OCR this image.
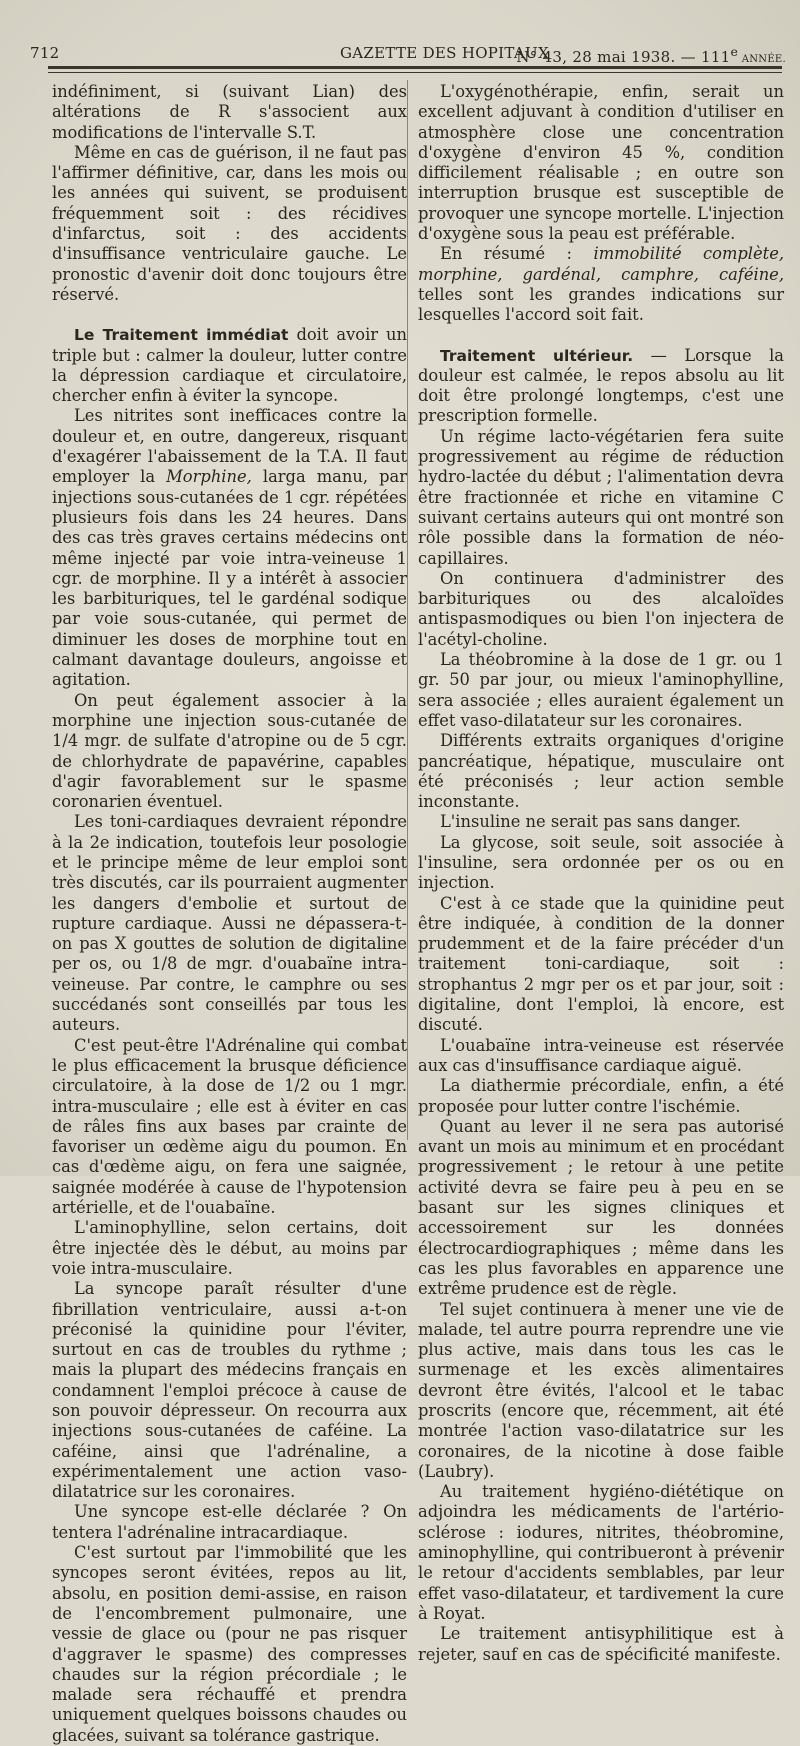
712	GAZETTE DES HOPITAUX
N° 43, 28 mai 1938. — 111e ANNÉE.

indéfiniment, si (suivant Lian) des altérations de R s'associent aux modifications de l'intervalle S.T.

Même en cas de guérison, il ne faut pas l'affirmer définitive, car, dans les mois ou les années qui suivent, se produisent fréquemment soit : des récidives d'infarctus, soit : des accidents d'insuffisance ventriculaire gauche. Le pronostic d'avenir doit donc toujours être réservé.

Le Traitement immédiat doit avoir un triple but : calmer la douleur, lutter contre la dépression cardiaque et circulatoire, chercher enfin à éviter la syncope.

Les nitrites sont inefficaces contre la douleur et, en outre, dangereux, risquant d'exagérer l'abaissement de la T.A. Il faut employer la Morphine, larga manu, par injections sous-cutanées de 1 cgr. répétées plusieurs fois dans les 24 heures. Dans des cas très graves certains médecins ont même injecté par voie intra-veineuse 1 cgr. de morphine. Il y a intérêt à associer les barbituriques, tel le gardénal sodique par voie sous-cutanée, qui permet de diminuer les doses de morphine tout en calmant davantage douleurs, angoisse et agitation.

On peut également associer à la morphine une injection sous-cutanée de 1/4 mgr. de sulfate d'atropine ou de 5 cgr. de chlorhydrate de papavérine, capables d'agir favorablement sur le spasme coronarien éventuel.

Les toni-cardiaques devraient répondre à la 2e indication, toutefois leur posologie et le principe même de leur emploi sont très discutés, car ils pourraient augmenter les dangers d'embolie et surtout de rupture cardiaque. Aussi ne dépassera-t-on pas X gouttes de solution de digitaline per os, ou 1/8 de mgr. d'ouabaïne intra-veineuse. Par contre, le camphre ou ses succédanés sont conseillés par tous les auteurs.

C'est peut-être l'Adrénaline qui combat le plus efficacement la brusque déficience circulatoire, à la dose de 1/2 ou 1 mgr. intra-musculaire ; elle est à éviter en cas de râles fins aux bases par crainte de favoriser un œdème aigu du poumon. En cas d'œdème aigu, on fera une saignée, saignée modérée à cause de l'hypotension artérielle, et de l'ouabaïne.

L'aminophylline, selon certains, doit être injectée dès le début, au moins par voie intra-musculaire.

La syncope paraît résulter d'une fibrillation ventriculaire, aussi a-t-on préconisé la quinidine pour l'éviter, surtout en cas de troubles du rythme ; mais la plupart des médecins français en condamnent l'emploi précoce à cause de son pouvoir dépresseur. On recourra aux injections sous-cutanées de caféine. La caféine, ainsi que l'adrénaline, a expérimentalement une action vaso-dilatatrice sur les coronaires.

Une syncope est-elle déclarée ? On tentera l'adrénaline intracardiaque.

C'est surtout par l'immobilité que les syncopes seront évitées, repos au lit, absolu, en position demi-assise, en raison de l'encombrement pulmonaire, une vessie de glace ou (pour ne pas risquer d'aggraver le spasme) des compresses chaudes sur la région précordiale ; le malade sera réchauffé et prendra uniquement quelques boissons chaudes ou glacées, suivant sa tolérance gastrique.

L'oxygénothérapie, enfin, serait un excellent adjuvant à condition d'utiliser en atmosphère close une concentration d'oxygène d'environ 45 %, condition difficilement réalisable ; en outre son interruption brusque est susceptible de provoquer une syncope mortelle. L'injection d'oxygène sous la peau est préférable.

En résumé : immobilité complète, morphine, gardénal, camphre, caféine, telles sont les grandes indications sur lesquelles l'accord soit fait.

Traitement ultérieur. — Lorsque la douleur est calmée, le repos absolu au lit doit être prolongé longtemps, c'est une prescription formelle.

Un régime lacto-végétarien fera suite progressivement au régime de réduction hydro-lactée du début ; l'alimentation devra être fractionnée et riche en vitamine C suivant certains auteurs qui ont montré son rôle possible dans la formation de néo-capillaires.

On continuera d'administrer des barbituriques ou des alcaloïdes antispasmodiques ou bien l'on injectera de l'acétyl-choline.

La théobromine à la dose de 1 gr. ou 1 gr. 50 par jour, ou mieux l'aminophylline, sera associée ; elles auraient également un effet vaso-dilatateur sur les coronaires.

Différents extraits organiques d'origine pancréatique, hépatique, musculaire ont été préconisés ; leur action semble inconstante.

L'insuline ne serait pas sans danger.

La glycose, soit seule, soit associée à l'insuline, sera ordonnée per os ou en injection.

C'est à ce stade que la quinidine peut être indiquée, à condition de la donner prudemment et de la faire précéder d'un traitement toni-cardiaque, soit : strophantus 2 mgr per os et par jour, soit : digitaline, dont l'emploi, là encore, est discuté.

L'ouabaïne intra-veineuse est réservée aux cas d'insuffisance cardiaque aiguë.

La diathermie précordiale, enfin, a été proposée pour lutter contre l'ischémie.

Quant au lever il ne sera pas autorisé avant un mois au minimum et en procédant progressivement ; le retour à une petite activité devra se faire peu à peu en se basant sur les signes cliniques et accessoirement sur les données électrocardiographiques ; même dans les cas les plus favorables en apparence une extrême prudence est de règle.

Tel sujet continuera à mener une vie de malade, tel autre pourra reprendre une vie plus active, mais dans tous les cas le surmenage et les excès alimentaires devront être évités, l'alcool et le tabac proscrits (encore que, récemment, ait été montrée l'action vaso-dilatatrice sur les coronaires, de la nicotine à dose faible (Laubry).

Au traitement hygiéno-diététique on adjoindra les médicaments de l'artério-sclérose : iodures, nitrites, théobromine, aminophylline, qui contribueront à prévenir le retour d'accidents semblables, par leur effet vaso-dilatateur, et tardivement la cure à Royat.

Le traitement antisyphilitique est à rejeter, sauf en cas de spécificité manifeste.
